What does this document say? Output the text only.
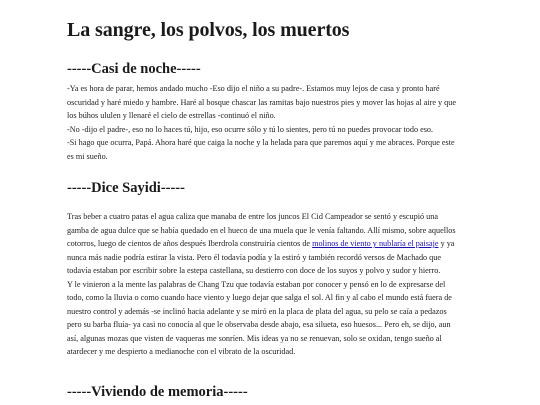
La sangre, los polvos, los muertos
-----Casi de noche-----

-Ya es hora de parar, hemos andado mucho -Eso dijo el niño a su padre-. Estamos muy lejos de casa y pronto haré oscuridad y haré miedo y hambre. Haré al bosque chascar las ramitas bajo nuestros pies y mover las hojas al aire y que los búhos ululen y llenaré el cielo de estrellas -continuó el niño.

-No -dijo el padre-, eso no lo haces tú, hijo, eso ocurre sólo y tú lo sientes, pero tú no puedes provocar todo eso.

-Si hago que ocurra, Papá. Ahora haré que caiga la noche y la helada para que paremos aquí y me abraces. Porque este es mi sueño.

-----Dice Sayidi-----

Tras beber a cuatro patas el agua caliza que manaba de entre los juncos El Cid Campeador se sentó y escupió una gamba de agua dulce que se había quedado en el hueco de una muela que le venía faltando. Allí mismo, sobre aquellos cotorros, luego de cientos de años después Iberdrola construiría cientos de molinos de viento y nublaría el paisaje y ya nunca más nadie podría estirar la vista. Pero él todavía podía y la estiró y también recordó versos de Machado que todavía estaban por escribir sobre la estepa castellana, su destierro con doce de los suyos y polvo y sudor y hierro.

Y le vinieron a la mente las palabras de Chang Tzu que todavía estaban por conocer y pensó en lo de expresarse del todo, como la lluvia o como cuando hace viento y luego dejar que salga el sol. Al fin y al cabo el mundo está fuera de nuestro control y además -se inclinó hacia adelante y se miró en la placa de plata del agua, su pelo se caía a pedazos pero su barba fluía- ya casi no conocía al que le observaba desde abajo, esa silueta, eso huesos... Pero eh, se dijo, aun así, algunas mozas que visten de vaqueras me sonríen. Mis ideas ya no se renuevan, solo se oxidan, tengo sueño al atardecer y me despierto a medianoche con el vibrato de la oscuridad.

-----Viviendo de memoria-----
